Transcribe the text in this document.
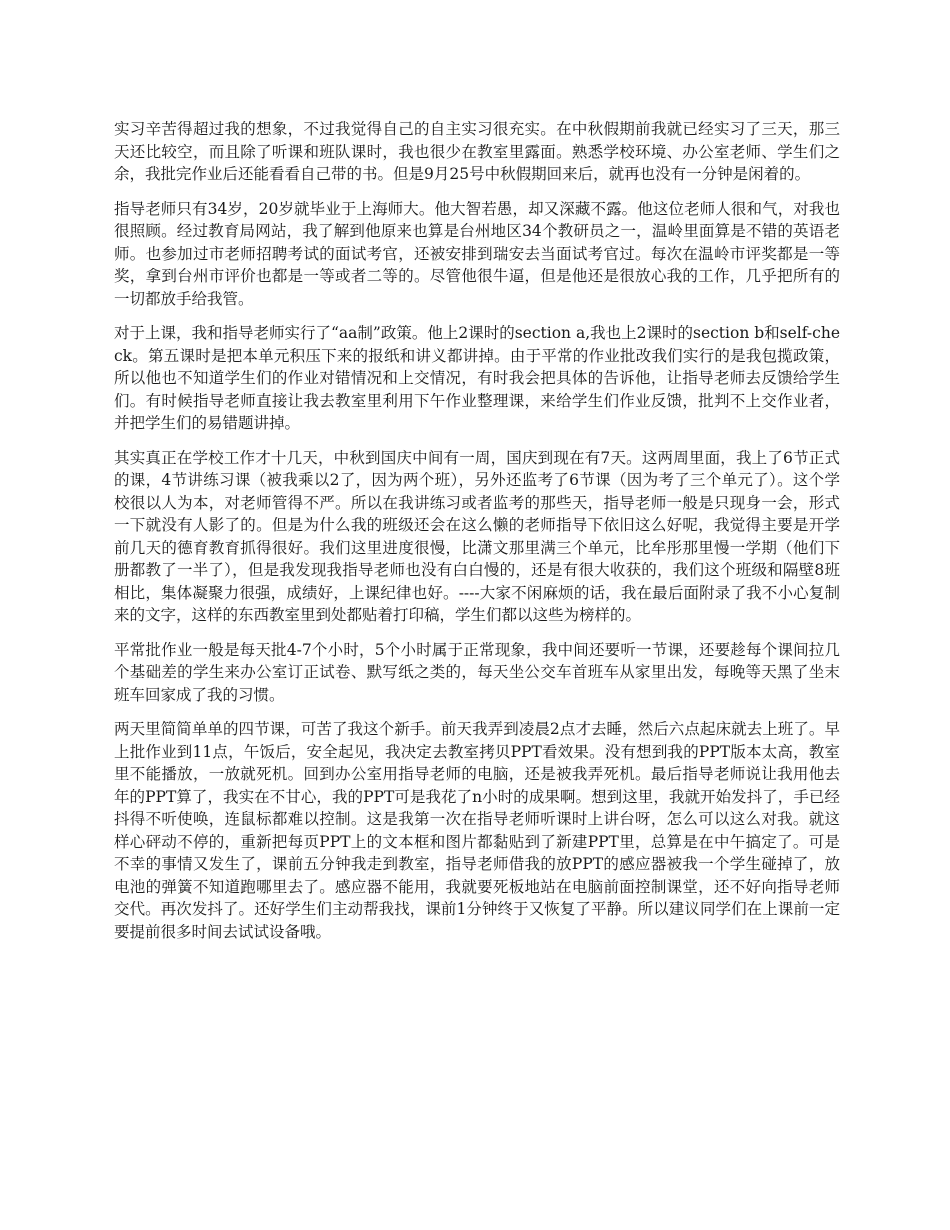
实习辛苦得超过我的想象，不过我觉得自己的自主实习很充实。在中秋假期前我就已经实习了三天，那三天还比较空，而且除了听课和班队课时，我也很少在教室里露面。熟悉学校环境、办公室老师、学生们之余，我批完作业后还能看看自己带的书。但是9月25号中秋假期回来后，就再也没有一分钟是闲着的。

指导老师只有34岁，20岁就毕业于上海师大。他大智若愚，却又深藏不露。他这位老师人很和气，对我也很照顾。经过教育局网站，我了解到他原来也算是台州地区34个教研员之一，温岭里面算是不错的英语老师。也参加过市老师招聘考试的面试考官，还被安排到瑞安去当面试考官过。每次在温岭市评奖都是一等奖，拿到台州市评价也都是一等或者二等的。尽管他很牛逼，但是他还是很放心我的工作，几乎把所有的一切都放手给我管。

对于上课，我和指导老师实行了“aa制”政策。他上2课时的section a,我也上2课时的section b和self-check。第五课时是把本单元积压下来的报纸和讲义都讲掉。由于平常的作业批改我们实行的是我包揽政策，所以他也不知道学生们的作业对错情况和上交情况，有时我会把具体的告诉他，让指导老师去反馈给学生们。有时候指导老师直接让我去教室里利用下午作业整理课，来给学生们作业反馈，批判不上交作业者，并把学生们的易错题讲掉。

其实真正在学校工作才十几天，中秋到国庆中间有一周，国庆到现在有7天。这两周里面，我上了6节正式的课，4节讲练习课（被我乘以2了，因为两个班），另外还监考了6节课（因为考了三个单元了）。这个学校很以人为本，对老师管得不严。所以在我讲练习或者监考的那些天，指导老师一般是只现身一会，形式一下就没有人影了的。但是为什么我的班级还会在这么懒的老师指导下依旧这么好呢，我觉得主要是开学前几天的德育教育抓得很好。我们这里进度很慢，比潇文那里满三个单元，比牟彤那里慢一学期（他们下册都教了一半了），但是我发现我指导老师也没有白白慢的，还是有很大收获的，我们这个班级和隔壁8班相比，集体凝聚力很强，成绩好，上课纪律也好。----大家不闲麻烦的话，我在最后面附录了我不小心复制来的文字，这样的东西教室里到处都贴着打印稿，学生们都以这些为榜样的。

平常批作业一般是每天批4-7个小时，5个小时属于正常现象，我中间还要听一节课，还要趁每个课间拉几个基础差的学生来办公室订正试卷、默写纸之类的，每天坐公交车首班车从家里出发，每晚等天黑了坐末班车回家成了我的习惯。

两天里简简单单的四节课，可苦了我这个新手。前天我弄到凌晨2点才去睡，然后六点起床就去上班了。早上批作业到11点，午饭后，安全起见，我决定去教室拷贝PPT看效果。没有想到我的PPT版本太高，教室里不能播放，一放就死机。回到办公室用指导老师的电脑，还是被我弄死机。最后指导老师说让我用他去年的PPT算了，我实在不甘心，我的PPT可是我花了n小时的成果啊。想到这里，我就开始发抖了，手已经抖得不听使唤，连鼠标都难以控制。这是我第一次在指导老师听课时上讲台呀，怎么可以这么对我。就这样心砰动不停的，重新把每页PPT上的文本框和图片都黏贴到了新建PPT里，总算是在中午搞定了。可是不幸的事情又发生了，课前五分钟我走到教室，指导老师借我的放PPT的感应器被我一个学生碰掉了，放电池的弹簧不知道跑哪里去了。感应器不能用，我就要死板地站在电脑前面控制课堂，还不好向指导老师交代。再次发抖了。还好学生们主动帮我找，课前1分钟终于又恢复了平静。所以建议同学们在上课前一定要提前很多时间去试试设备哦。
